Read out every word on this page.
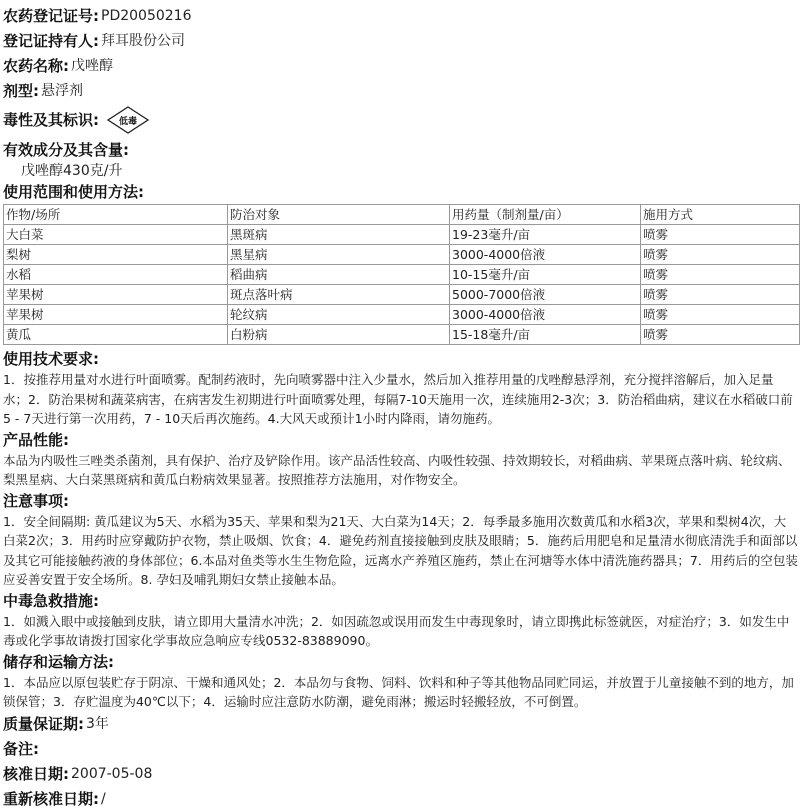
农药登记证号: PD20050216
登记证持有人: 拜耳股份公司
农药名称: 戊唑醇
剂型: 悬浮剂
毒性及其标识:	低毒
有效成分及其含量:
戊唑醇430克/升
使用范围和使用方法:
作物/场所	防治对象	用药量（制剂量/亩）	施用方式
大白菜	黑斑病	19-23毫升/亩	喷雾
梨树	黑星病	3000-4000倍液	喷雾
水稻	稻曲病	10-15毫升/亩	喷雾
苹果树	斑点落叶病	5000-7000倍液	喷雾
苹果树	轮纹病	3000-4000倍液	喷雾
黄瓜	白粉病	15-18毫升/亩	喷雾
使用技术要求:
1．按推荐用量对水进行叶面喷雾。配制药液时，先向喷雾器中注入少量水，然后加入推荐用量的戊唑醇悬浮剂，充分搅拌溶解后，加入足量水；2．防治果树和蔬菜病害，在病害发生初期进行叶面喷雾处理，每隔7-10天施用一次，连续施用2-3次；3．防治稻曲病，建议在水稻破口前5 - 7天进行第一次用药，7 - 10天后再次施药。4.大风天或预计1小时内降雨，请勿施药。
产品性能:
本品为内吸性三唑类杀菌剂，具有保护、治疗及铲除作用。该产品活性较高、内吸性较强、持效期较长，对稻曲病、苹果斑点落叶病、轮纹病、梨黑星病、大白菜黑斑病和黄瓜白粉病效果显著。按照推荐方法施用，对作物安全。
注意事项:
1．安全间隔期: 黄瓜建议为5天、水稻为35天、苹果和梨为21天、大白菜为14天；2．每季最多施用次数黄瓜和水稻3次，苹果和梨树4次，大白菜2次；3．用药时应穿戴防护衣物，禁止吸烟、饮食；4．避免药剂直接接触到皮肤及眼睛；5．施药后用肥皂和足量清水彻底清洗手和面部以及其它可能接触药液的身体部位；6.本品对鱼类等水生生物危险，远离水产养殖区施药，禁止在河塘等水体中清洗施药器具；7．用药后的空包装应妥善安置于安全场所。8. 孕妇及哺乳期妇女禁止接触本品。
中毒急救措施:
1．如溅入眼中或接触到皮肤，请立即用大量清水冲洗；2．如因疏忽或误用而发生中毒现象时，请立即携此标签就医，对症治疗；3．如发生中毒或化学事故请拨打国家化学事故应急响应专线0532-83889090。
储存和运输方法:
1．本品应以原包装贮存于阴凉、干燥和通风处；2．本品勿与食物、饲料、饮料和种子等其他物品同贮同运，并放置于儿童接触不到的地方，加锁保管；3．存贮温度为40℃以下；4．运输时应注意防水防潮，避免雨淋；搬运时轻搬轻放，不可倒置。
质量保证期: 3年
备注:
核准日期: 2007-05-08
重新核准日期: /
